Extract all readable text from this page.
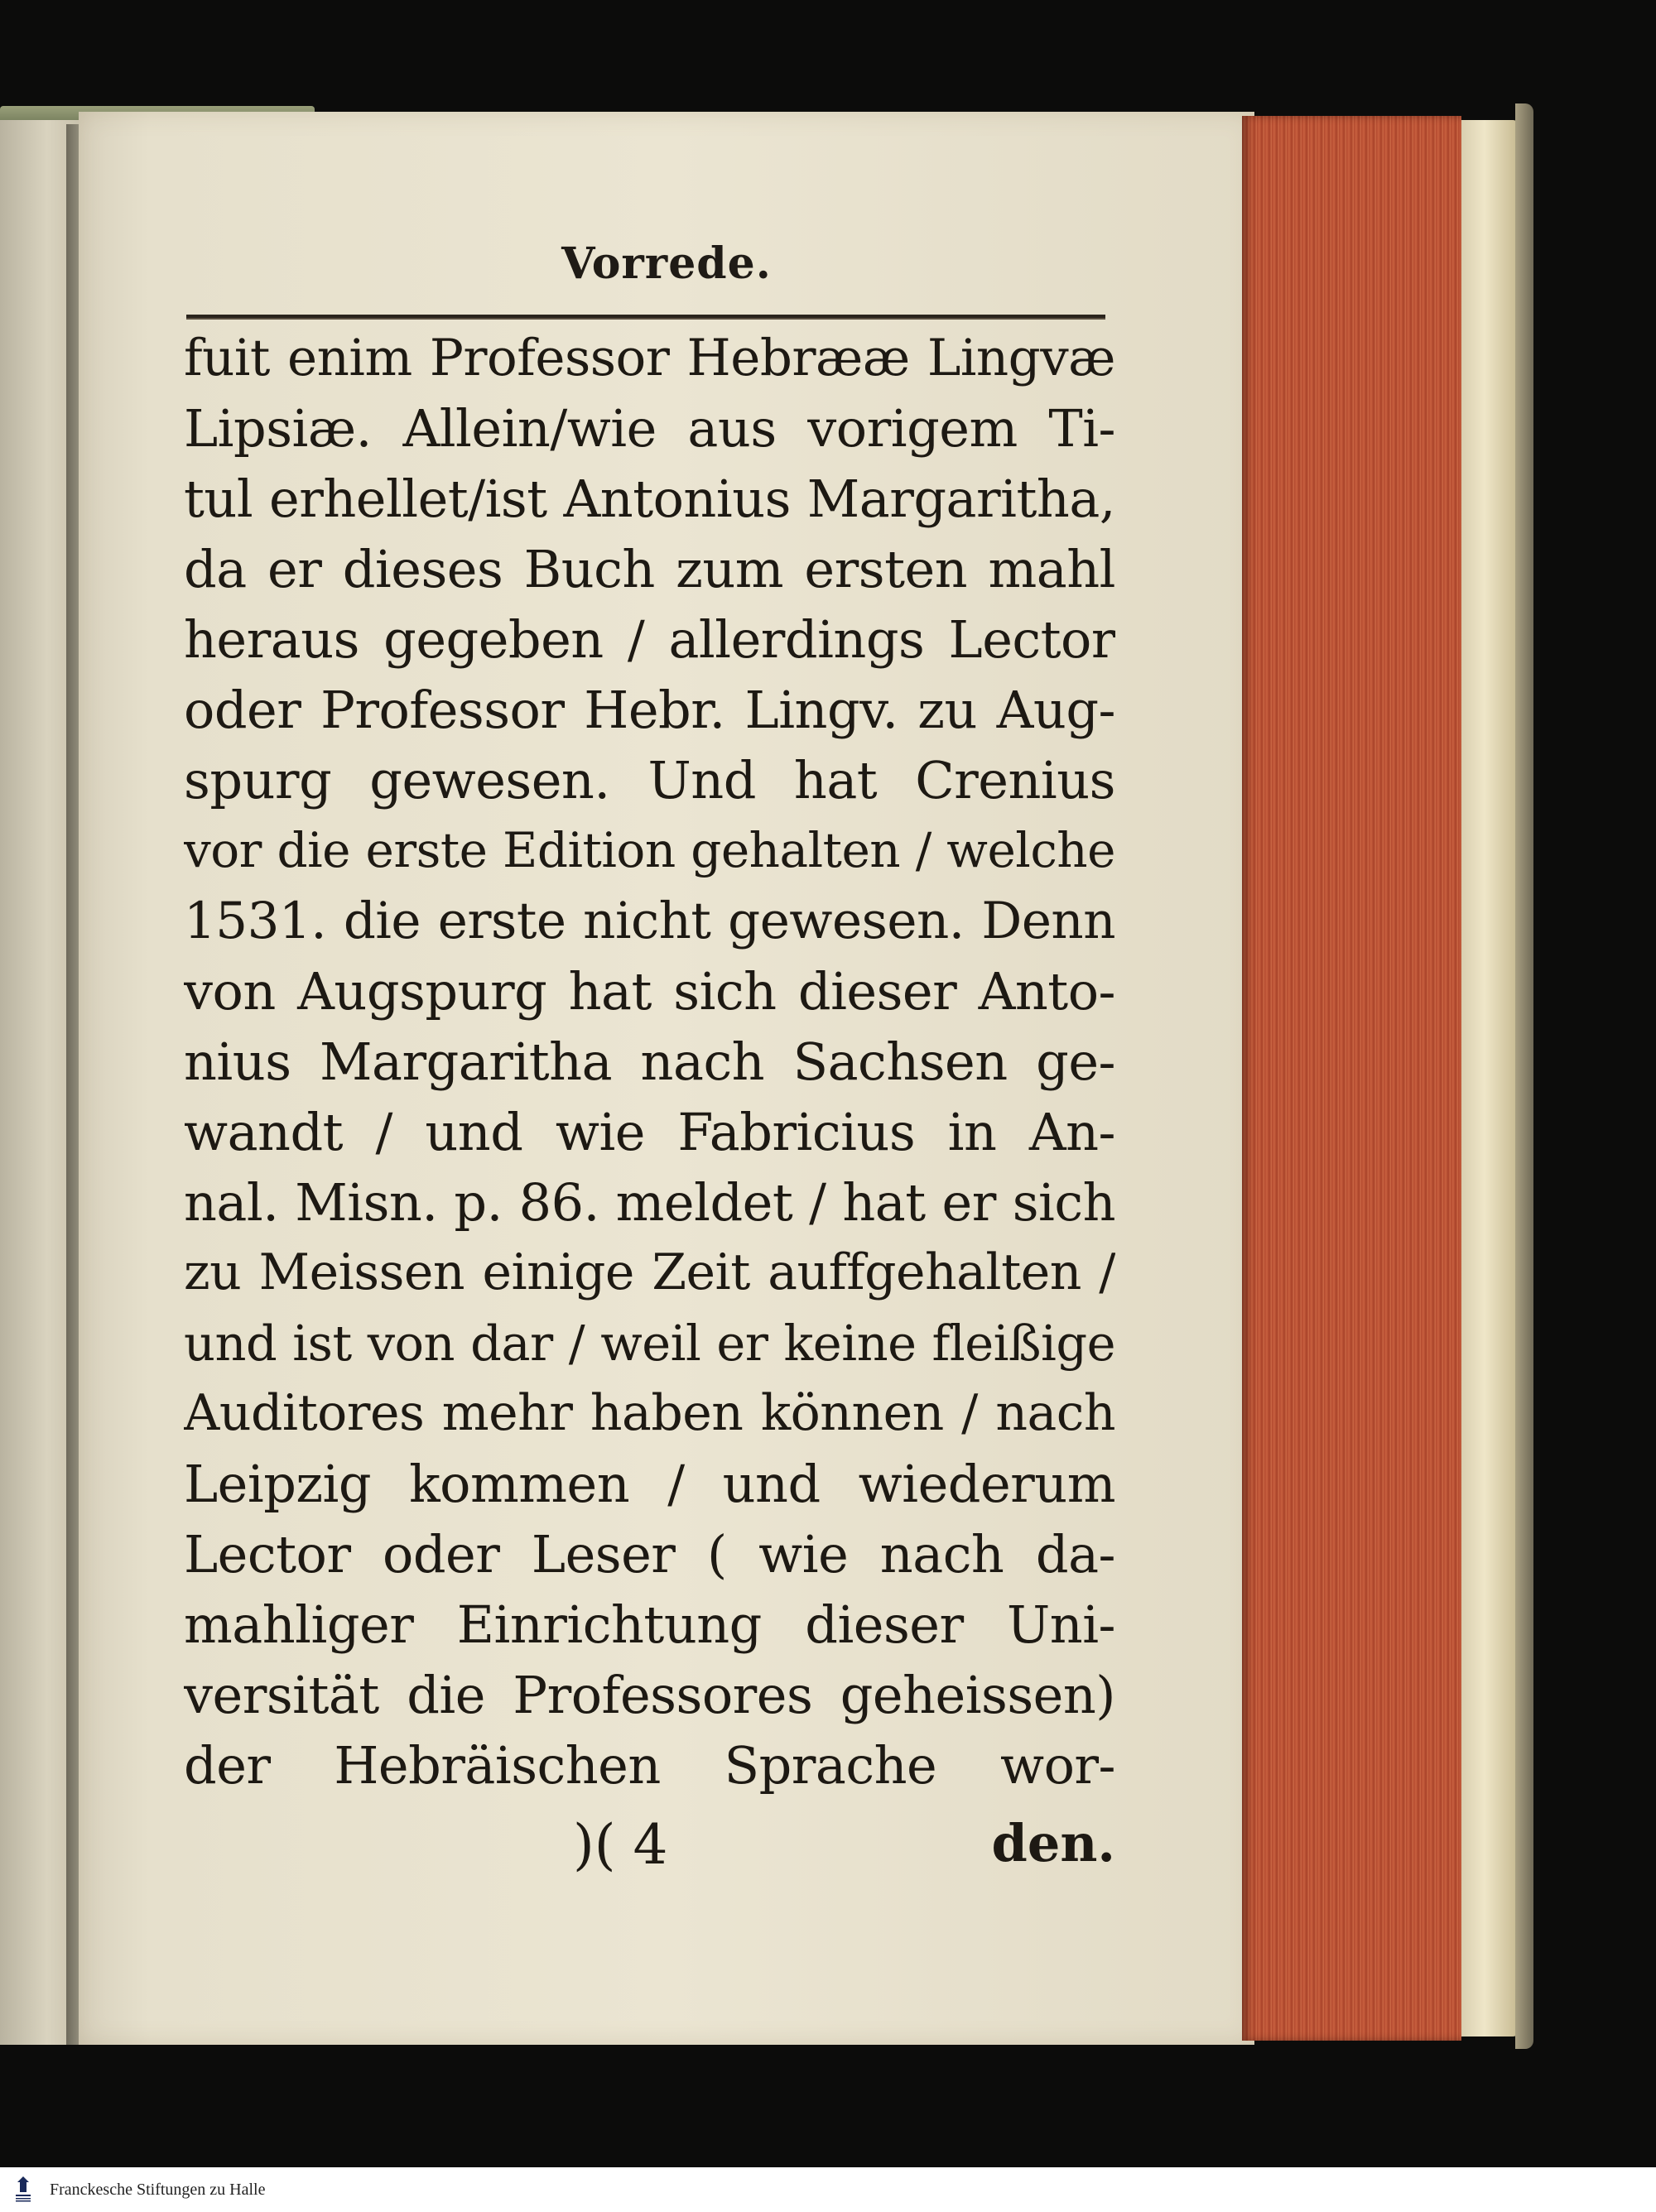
Vorrede.
fuit enim Professor Hebrææ Lingvæ
Lipsiæ. Allein/wie aus vorigem Ti-
tul erhellet/ist Antonius Margaritha,
da er dieses Buch zum ersten mahl
heraus gegeben / allerdings Lector
oder Professor Hebr. Lingv. zu Aug-
spurg gewesen. Und hat Crenius
vor die erste Edition gehalten / welche
1531. die erste nicht gewesen. Denn
von Augspurg hat sich dieser Anto-
nius Margaritha nach Sachsen ge-
wandt / und wie Fabricius in An-
nal. Misn. p. 86. meldet / hat er sich
zu Meissen einige Zeit auffgehalten /
und ist von dar / weil er keine fleißige
Auditores mehr haben können / nach
Leipzig kommen / und wiederum
Lector oder Leser ( wie nach da-
mahliger Einrichtung dieser Uni-
versität die Professores geheissen)
der Hebräischen Sprache wor-
)( 4	den.
Franckesche Stiftungen zu Halle
